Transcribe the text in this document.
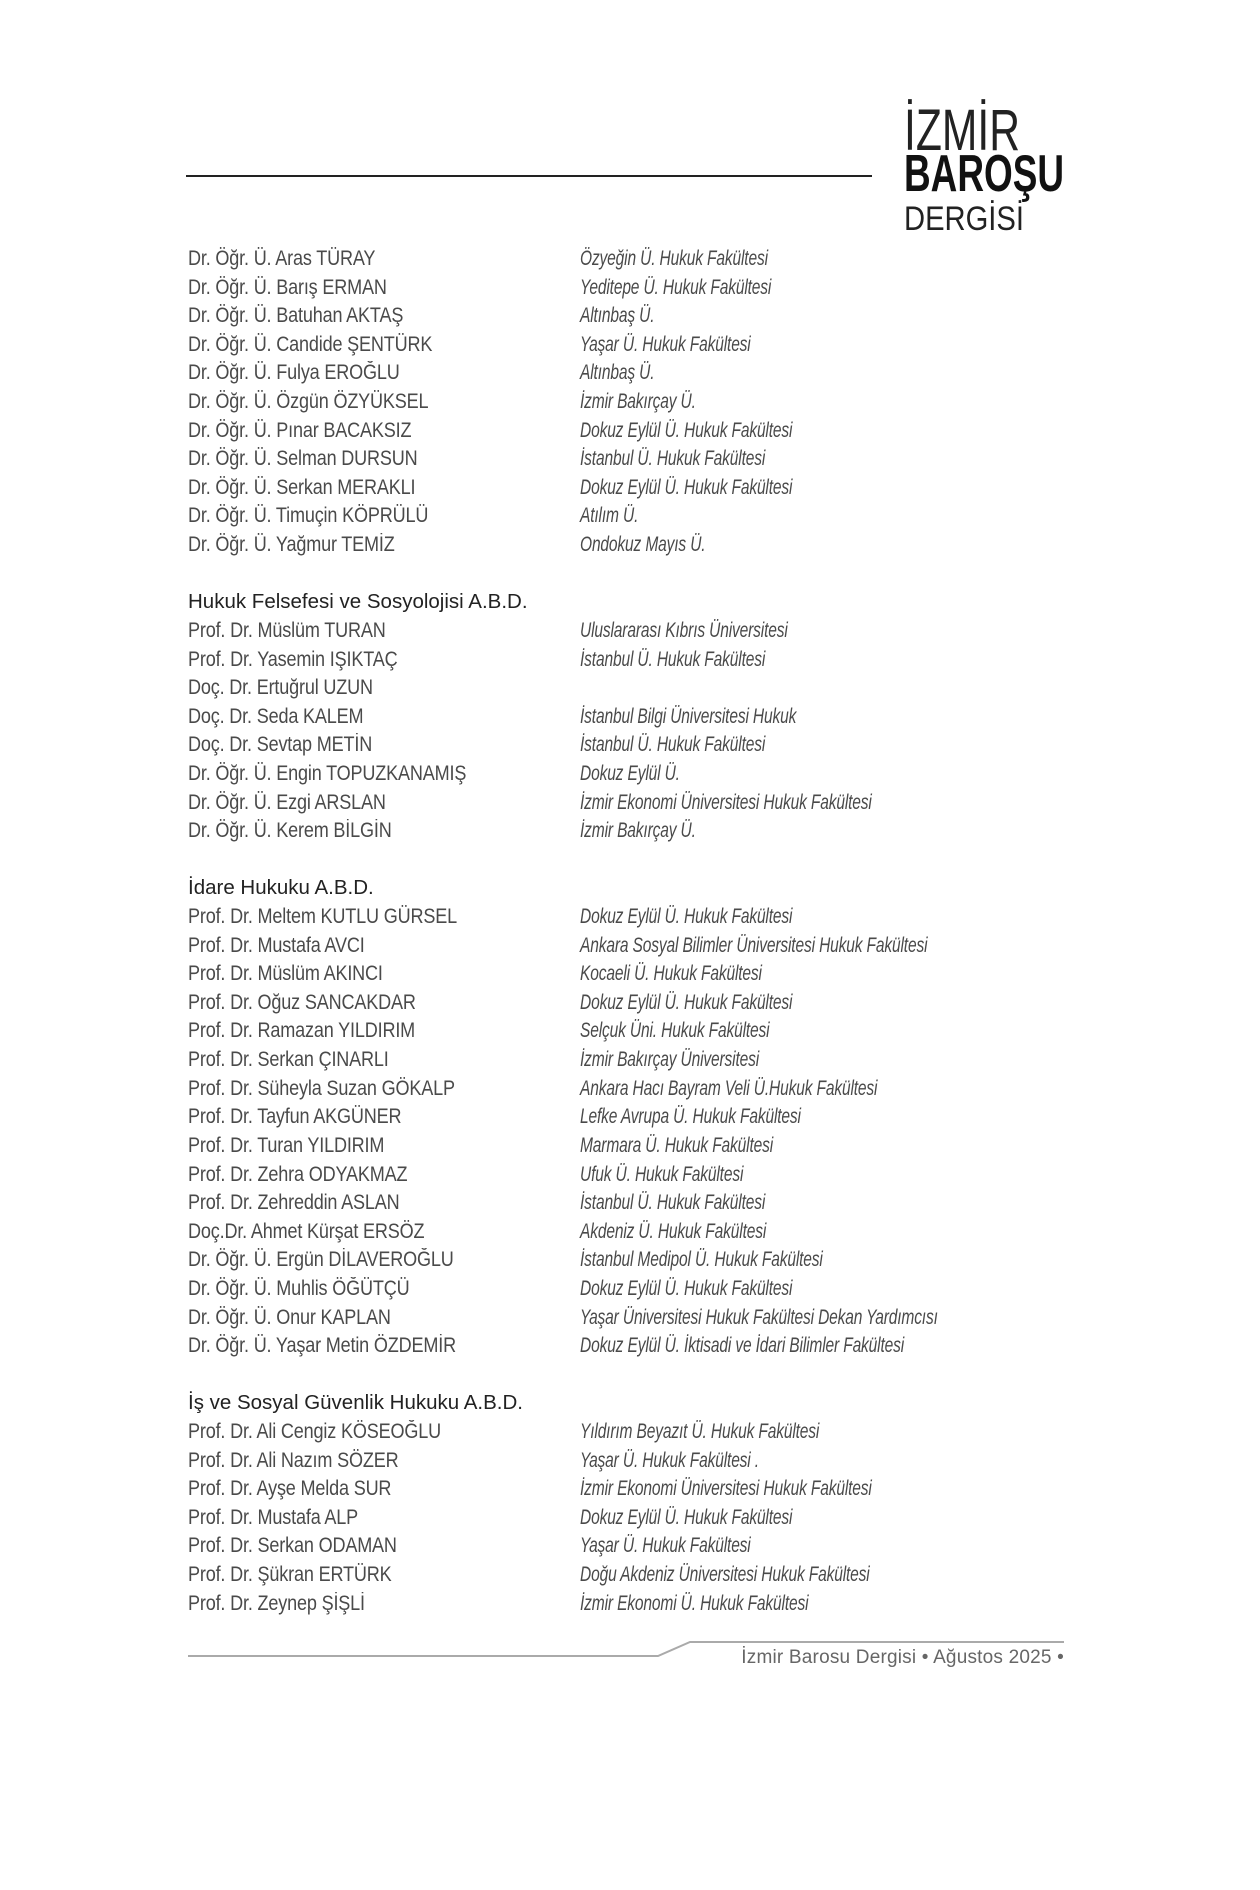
İZMİR
BAROŞU
DERGİSİ
Dr. Öğr. Ü. Aras TÜRAY	Özyeğin Ü. Hukuk Fakültesi
Dr. Öğr. Ü. Barış ERMAN	Yeditepe Ü. Hukuk Fakültesi
Dr. Öğr. Ü. Batuhan AKTAŞ	Altınbaş Ü.
Dr. Öğr. Ü. Candide ŞENTÜRK	Yaşar Ü. Hukuk Fakültesi
Dr. Öğr. Ü. Fulya EROĞLU	Altınbaş Ü.
Dr. Öğr. Ü. Özgün ÖZYÜKSEL	İzmir Bakırçay Ü.
Dr. Öğr. Ü. Pınar BACAKSIZ	Dokuz Eylül Ü. Hukuk Fakültesi
Dr. Öğr. Ü. Selman DURSUN	İstanbul Ü. Hukuk Fakültesi
Dr. Öğr. Ü. Serkan MERAKLI	Dokuz Eylül Ü. Hukuk Fakültesi
Dr. Öğr. Ü. Timuçin KÖPRÜLÜ	Atılım Ü.
Dr. Öğr. Ü. Yağmur TEMİZ	Ondokuz Mayıs Ü.
Hukuk Felsefesi ve Sosyolojisi A.B.D.
Prof. Dr. Müslüm TURAN	Uluslararası Kıbrıs Üniversitesi
Prof. Dr. Yasemin IŞIKTAÇ	İstanbul Ü. Hukuk Fakültesi
Doç. Dr. Ertuğrul UZUN
Doç. Dr. Seda KALEM	İstanbul Bilgi Üniversitesi Hukuk
Doç. Dr. Sevtap METİN	İstanbul Ü. Hukuk Fakültesi
Dr. Öğr. Ü. Engin TOPUZKANAMIŞ	Dokuz Eylül Ü.
Dr. Öğr. Ü. Ezgi ARSLAN	İzmir Ekonomi Üniversitesi Hukuk Fakültesi
Dr. Öğr. Ü. Kerem BİLGİN	İzmir Bakırçay Ü.
İdare Hukuku A.B.D.
Prof. Dr. Meltem KUTLU GÜRSEL	Dokuz Eylül Ü. Hukuk Fakültesi
Prof. Dr. Mustafa AVCI	Ankara Sosyal Bilimler Üniversitesi Hukuk Fakültesi
Prof. Dr. Müslüm AKINCI	Kocaeli Ü. Hukuk Fakültesi
Prof. Dr. Oğuz SANCAKDAR	Dokuz Eylül Ü. Hukuk Fakültesi
Prof. Dr. Ramazan YILDIRIM	Selçuk Üni. Hukuk Fakültesi
Prof. Dr. Serkan ÇINARLI	İzmir Bakırçay Üniversitesi
Prof. Dr. Süheyla Suzan GÖKALP	Ankara Hacı Bayram Veli Ü.Hukuk Fakültesi
Prof. Dr. Tayfun AKGÜNER	Lefke Avrupa Ü. Hukuk Fakültesi
Prof. Dr. Turan YILDIRIM	Marmara Ü. Hukuk Fakültesi
Prof. Dr. Zehra ODYAKMAZ	Ufuk Ü. Hukuk Fakültesi
Prof. Dr. Zehreddin ASLAN	İstanbul Ü. Hukuk Fakültesi
Doç.Dr. Ahmet Kürşat ERSÖZ	Akdeniz Ü. Hukuk Fakültesi
Dr. Öğr. Ü. Ergün DİLAVEROĞLU	İstanbul Medipol Ü. Hukuk Fakültesi
Dr. Öğr. Ü. Muhlis ÖĞÜTÇÜ	Dokuz Eylül Ü. Hukuk Fakültesi
Dr. Öğr. Ü. Onur KAPLAN	Yaşar Üniversitesi Hukuk Fakültesi Dekan Yardımcısı
Dr. Öğr. Ü. Yaşar Metin ÖZDEMİR	Dokuz Eylül Ü. İktisadi ve İdari Bilimler Fakültesi
İş ve Sosyal Güvenlik Hukuku A.B.D.
Prof. Dr. Ali Cengiz KÖSEOĞLU	Yıldırım Beyazıt Ü. Hukuk Fakültesi
Prof. Dr. Ali Nazım SÖZER	Yaşar Ü. Hukuk Fakültesi .
Prof. Dr. Ayşe Melda SUR	İzmir Ekonomi Üniversitesi Hukuk Fakültesi
Prof. Dr. Mustafa ALP	Dokuz Eylül Ü. Hukuk Fakültesi
Prof. Dr. Serkan ODAMAN	Yaşar Ü. Hukuk Fakültesi
Prof. Dr. Şükran ERTÜRK	Doğu Akdeniz Üniversitesi Hukuk Fakültesi
Prof. Dr. Zeynep ŞİŞLİ	İzmir Ekonomi Ü. Hukuk Fakültesi
İzmir Barosu Dergisi • Ağustos 2025 •
